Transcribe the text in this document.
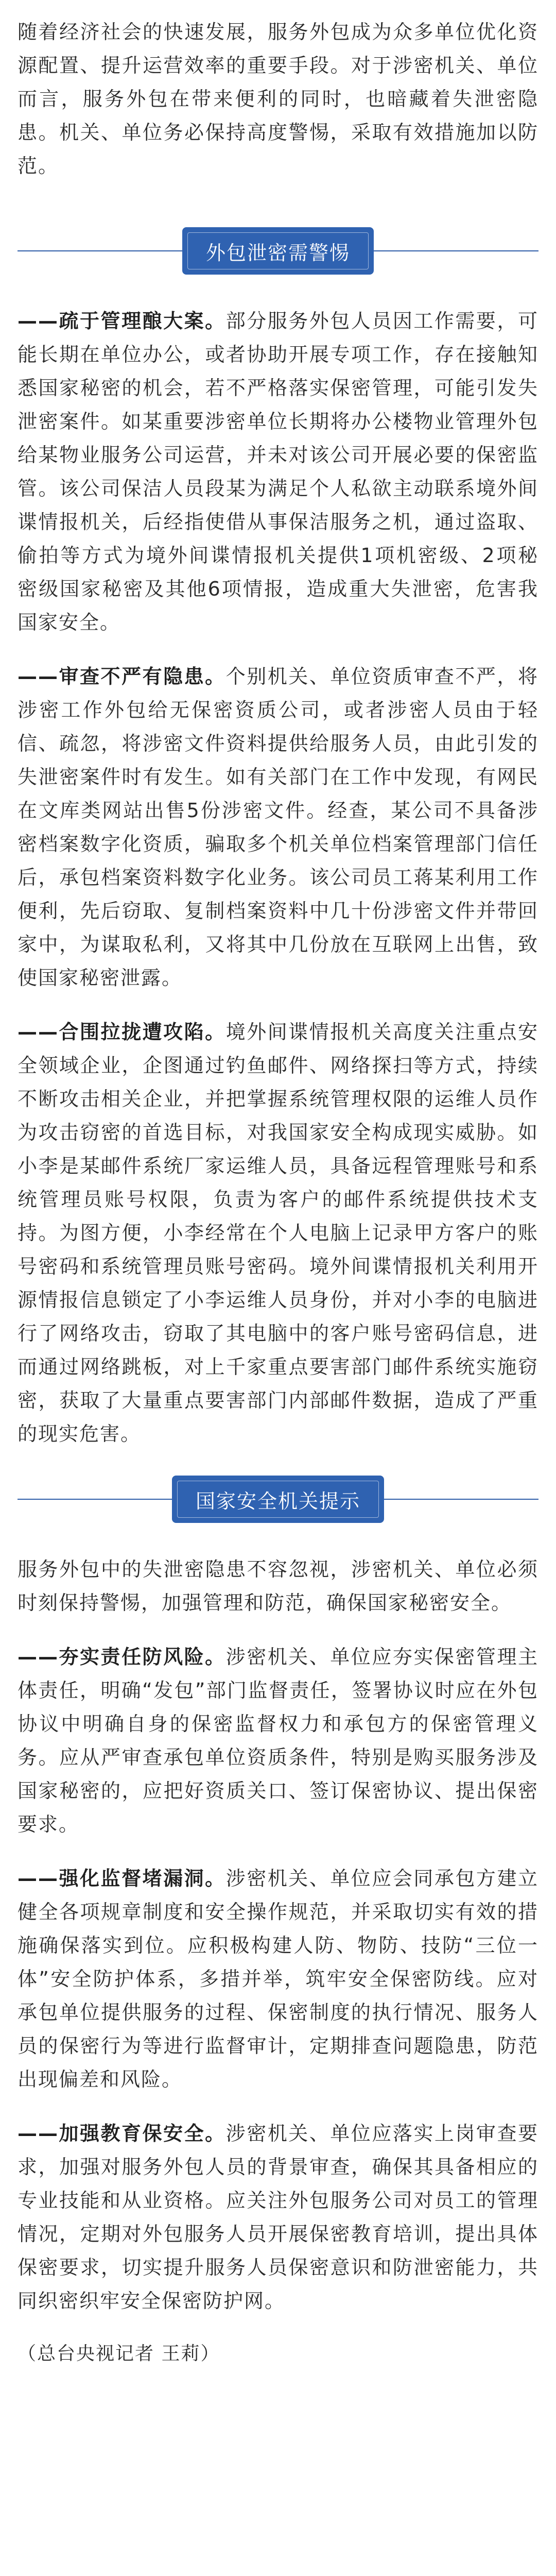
随着经济社会的快速发展，服务外包成为众多单位优化资源配置、提升运营效率的重要手段。对于涉密机关、单位而言，服务外包在带来便利的同时，也暗藏着失泄密隐患。机关、单位务必保持高度警惕，采取有效措施加以防范。

外包泄密需警惕

——疏于管理酿大案。部分服务外包人员因工作需要，可能长期在单位办公，或者协助开展专项工作，存在接触知悉国家秘密的机会，若不严格落实保密管理，可能引发失泄密案件。如某重要涉密单位长期将办公楼物业管理外包给某物业服务公司运营，并未对该公司开展必要的保密监管。该公司保洁人员段某为满足个人私欲主动联系境外间谍情报机关，后经指使借从事保洁服务之机，通过盗取、偷拍等方式为境外间谍情报机关提供1项机密级、2项秘密级国家秘密及其他6项情报，造成重大失泄密，危害我国家安全。

——审查不严有隐患。个别机关、单位资质审查不严，将涉密工作外包给无保密资质公司，或者涉密人员由于轻信、疏忽，将涉密文件资料提供给服务人员，由此引发的失泄密案件时有发生。如有关部门在工作中发现，有网民在文库类网站出售5份涉密文件。经查，某公司不具备涉密档案数字化资质，骗取多个机关单位档案管理部门信任后，承包档案资料数字化业务。该公司员工蒋某利用工作便利，先后窃取、复制档案资料中几十份涉密文件并带回家中，为谋取私利，又将其中几份放在互联网上出售，致使国家秘密泄露。

——合围拉拢遭攻陷。境外间谍情报机关高度关注重点安全领域企业，企图通过钓鱼邮件、网络探扫等方式，持续不断攻击相关企业，并把掌握系统管理权限的运维人员作为攻击窃密的首选目标，对我国家安全构成现实威胁。如小李是某邮件系统厂家运维人员，具备远程管理账号和系统管理员账号权限，负责为客户的邮件系统提供技术支持。为图方便，小李经常在个人电脑上记录甲方客户的账号密码和系统管理员账号密码。境外间谍情报机关利用开源情报信息锁定了小李运维人员身份，并对小李的电脑进行了网络攻击，窃取了其电脑中的客户账号密码信息，进而通过网络跳板，对上千家重点要害部门邮件系统实施窃密，获取了大量重点要害部门内部邮件数据，造成了严重的现实危害。

国家安全机关提示

服务外包中的失泄密隐患不容忽视，涉密机关、单位必须时刻保持警惕，加强管理和防范，确保国家秘密安全。

——夯实责任防风险。涉密机关、单位应夯实保密管理主体责任，明确“发包”部门监督责任，签署协议时应在外包协议中明确自身的保密监督权力和承包方的保密管理义务。应从严审查承包单位资质条件，特别是购买服务涉及国家秘密的，应把好资质关口、签订保密协议、提出保密要求。

——强化监督堵漏洞。涉密机关、单位应会同承包方建立健全各项规章制度和安全操作规范，并采取切实有效的措施确保落实到位。应积极构建人防、物防、技防“三位一体”安全防护体系，多措并举，筑牢安全保密防线。应对承包单位提供服务的过程、保密制度的执行情况、服务人员的保密行为等进行监督审计，定期排查问题隐患，防范出现偏差和风险。

——加强教育保安全。涉密机关、单位应落实上岗审查要求，加强对服务外包人员的背景审查，确保其具备相应的专业技能和从业资格。应关注外包服务公司对员工的管理情况，定期对外包服务人员开展保密教育培训，提出具体保密要求，切实提升服务人员保密意识和防泄密能力，共同织密织牢安全保密防护网。

（总台央视记者 王莉）
